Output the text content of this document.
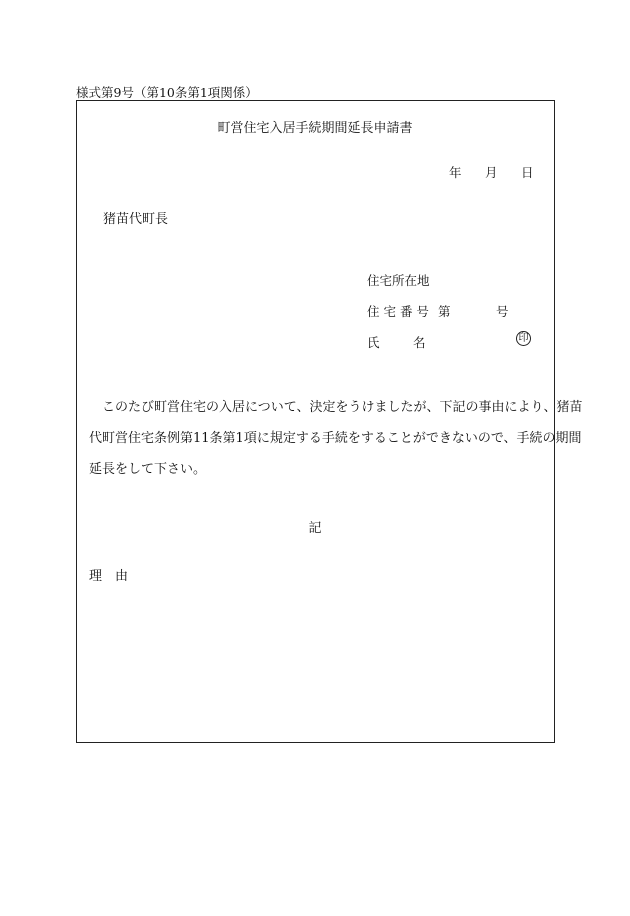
様式第9号（第10条第1項関係）
町営住宅入居手続期間延長申請書
年 月 日
猪苗代町長
住宅所在地
住 宅 番 号 第	号
氏	名	印
　このたび町営住宅の入居について、決定をうけましたが、下記の事由により、猪苗
代町営住宅条例第11条第1項に規定する手続をすることができないので、手続の期間
延長をして下さい。
記
理　由
